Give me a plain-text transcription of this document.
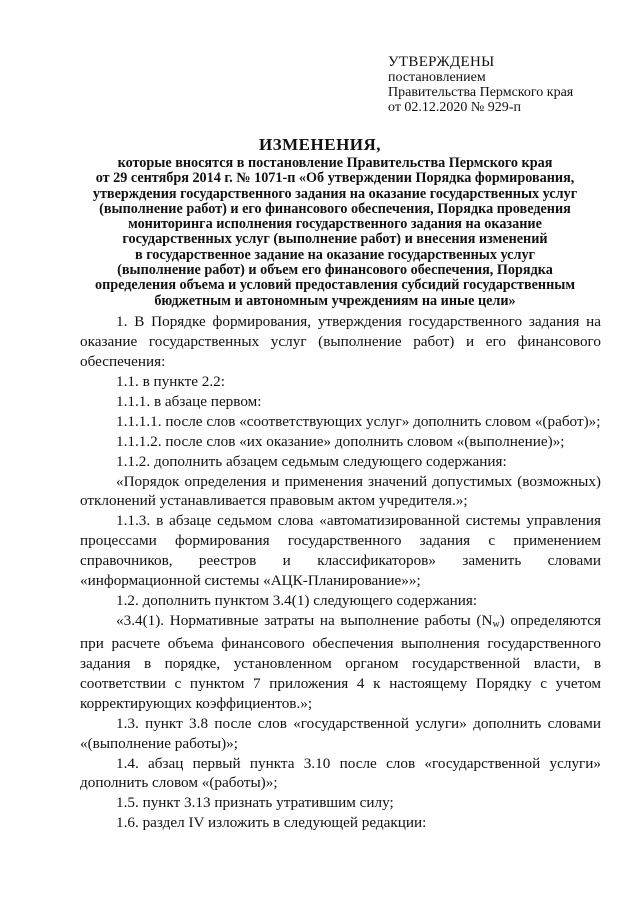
УТВЕРЖДЕНЫ
постановлением
Правительства Пермского края
от 02.12.2020 № 929-п
ИЗМЕНЕНИЯ,
которые вносятся в постановление Правительства Пермского края
от 29 сентября 2014 г. № 1071-п «Об утверждении Порядка формирования,
утверждения государственного задания на оказание государственных услуг
(выполнение работ) и его финансового обеспечения, Порядка проведения
мониторинга исполнения государственного задания на оказание
государственных услуг (выполнение работ) и внесения изменений
в государственное задание на оказание государственных услуг
(выполнение работ) и объем его финансового обеспечения, Порядка
определения объема и условий предоставления субсидий государственным
бюджетным и автономным учреждениям на иные цели»

1. В Порядке формирования, утверждения государственного задания на оказание государственных услуг (выполнение работ) и его финансового обеспечения:

1.1. в пункте 2.2:

1.1.1. в абзаце первом:

1.1.1.1. после слов «соответствующих услуг» дополнить словом «(работ)»;

1.1.1.2. после слов «их оказание» дополнить словом «(выполнение)»;

1.1.2. дополнить абзацем седьмым следующего содержания:

«Порядок определения и применения значений допустимых (возможных) отклонений устанавливается правовым актом учредителя.»;

1.1.3. в абзаце седьмом слова «автоматизированной системы управления процессами формирования государственного задания с применением справочников, реестров и классификаторов» заменить словами «информационной системы «АЦК-Планирование»»;

1.2. дополнить пунктом 3.4(1) следующего содержания:

«3.4(1). Нормативные затраты на выполнение работы $(N_w)$ определяются при расчете объема финансового обеспечения выполнения государственного задания в порядке, установленном органом государственной власти, в соответствии с пунктом 7 приложения 4 к настоящему Порядку с учетом корректирующих коэффициентов.»;

1.3. пункт 3.8 после слов «государственной услуги» дополнить словами «(выполнение работы)»;

1.4. абзац первый пункта 3.10 после слов «государственной услуги» дополнить словом «(работы)»;

1.5. пункт 3.13 признать утратившим силу;

1.6. раздел IV изложить в следующей редакции:
